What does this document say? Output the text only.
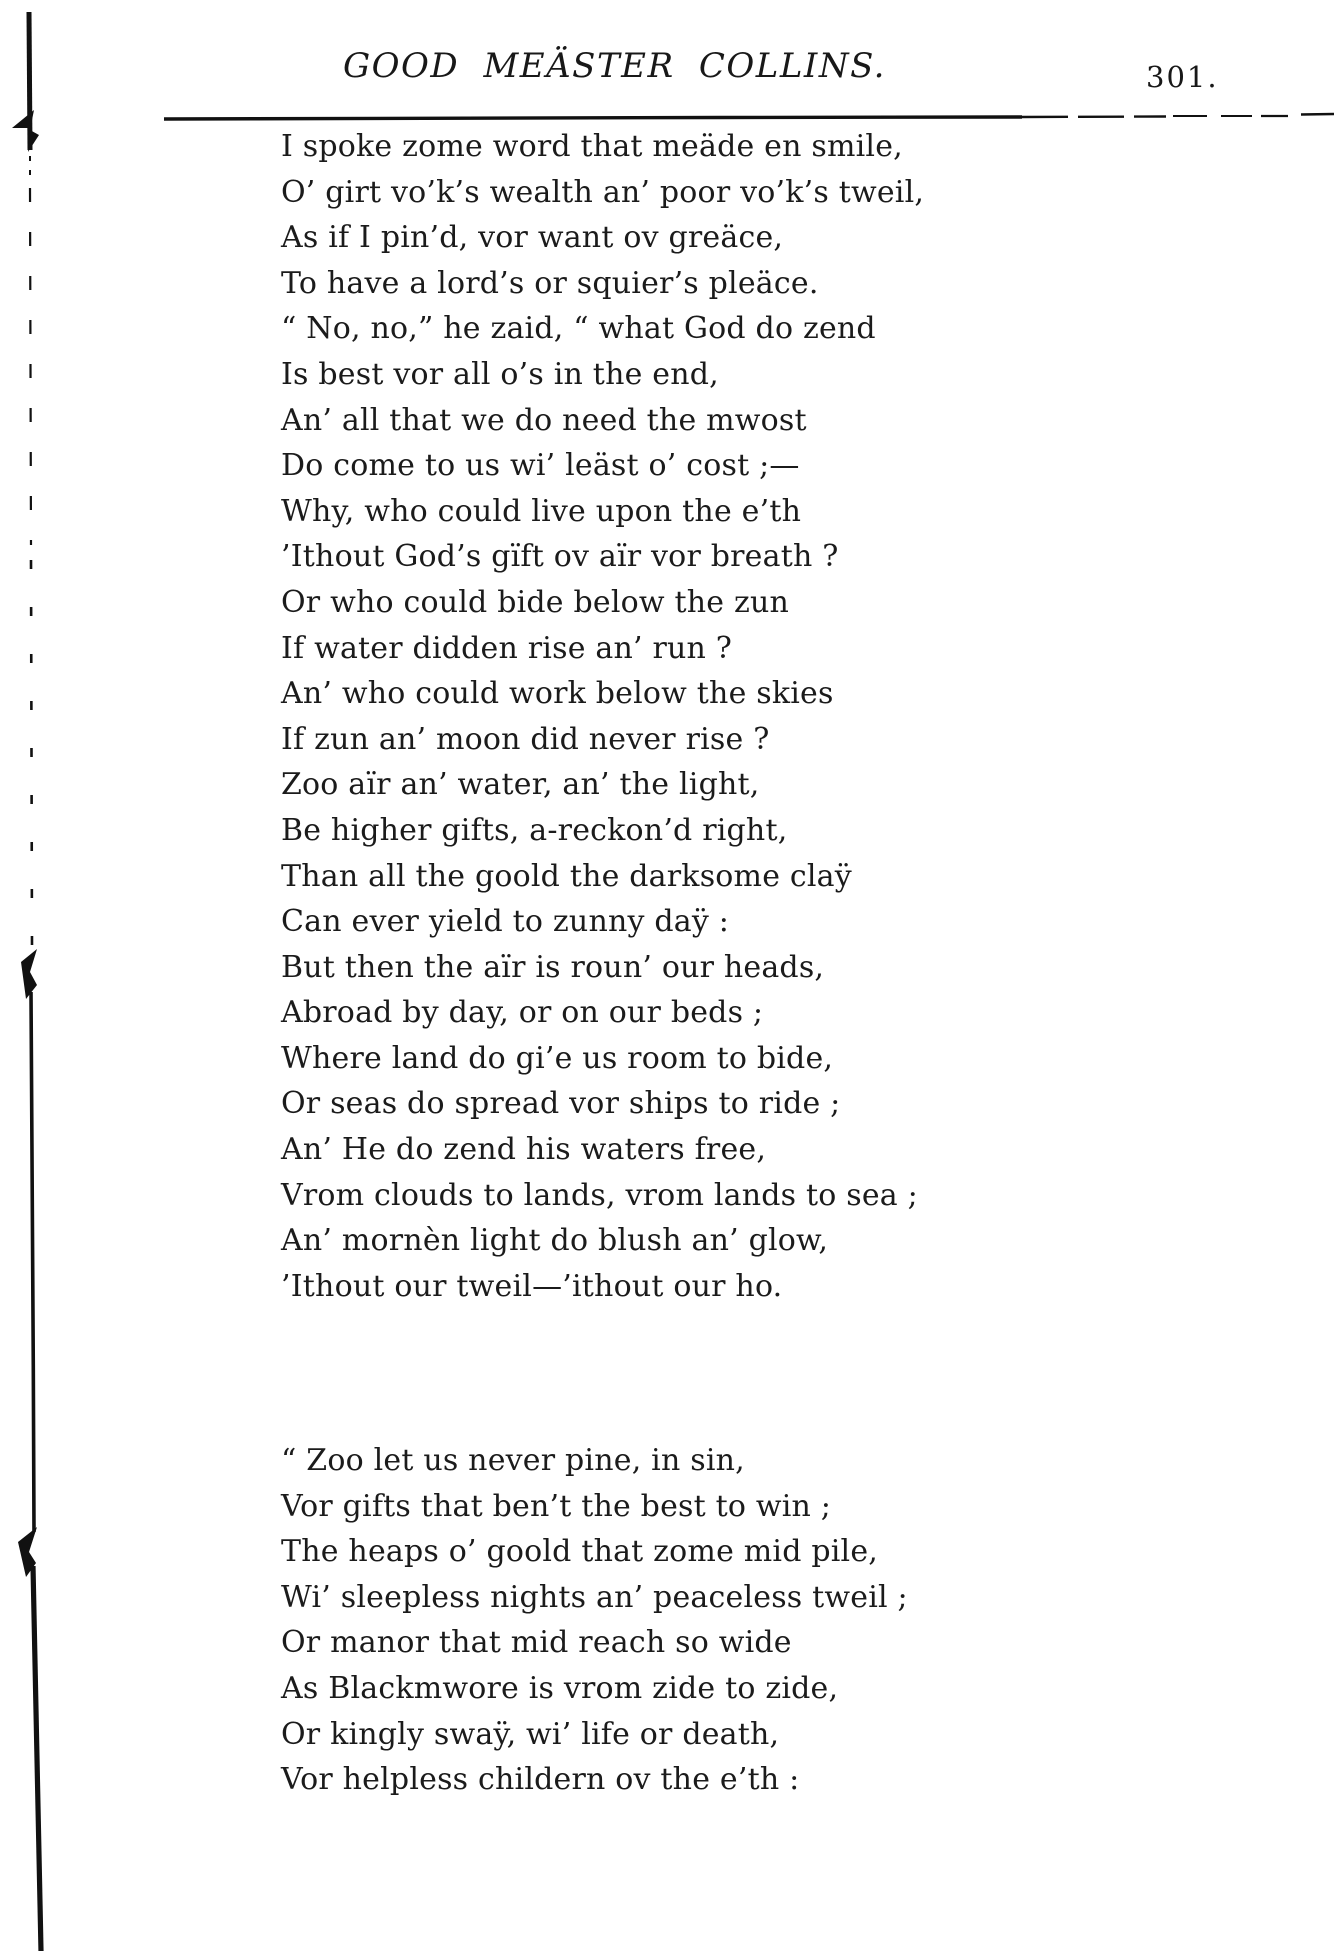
GOOD MEÄSTER COLLINS.	301.
I spoke zome word that meäde en smile,
O’ girt vo’k’s wealth an’ poor vo’k’s tweil,
As if I pin’d, vor want ov greäce,
To have a lord’s or squier’s pleäce.
“ No, no,” he zaid, “ what God do zend
Is best vor all o’s in the end,
An’ all that we do need the mwost
Do come to us wi’ leäst o’ cost ;—
Why, who could live upon the e’th
’Ithout God’s gïft ov aïr vor breath ?
Or who could bide below the zun
If water didden rise an’ run ?
An’ who could work below the skies
If zun an’ moon did never rise ?
Zoo aïr an’ water, an’ the light,
Be higher gifts, a-reckon’d right,
Than all the goold the darksome claÿ
Can ever yield to zunny daÿ :
But then the aïr is roun’ our heads,
Abroad by day, or on our beds ;
Where land do gi’e us room to bide,
Or seas do spread vor ships to ride ;
An’ He do zend his waters free,
Vrom clouds to lands, vrom lands to sea ;
An’ mornèn light do blush an’ glow,
’Ithout our tweil—’ithout our ho.
“ Zoo let us never pine, in sin,
Vor gifts that ben’t the best to win ;
The heaps o’ goold that zome mid pile,
Wi’ sleepless nights an’ peaceless tweil ;
Or manor that mid reach so wide
As Blackmwore is vrom zide to zide,
Or kingly swaÿ, wi’ life or death,
Vor helpless childern ov the e’th :
